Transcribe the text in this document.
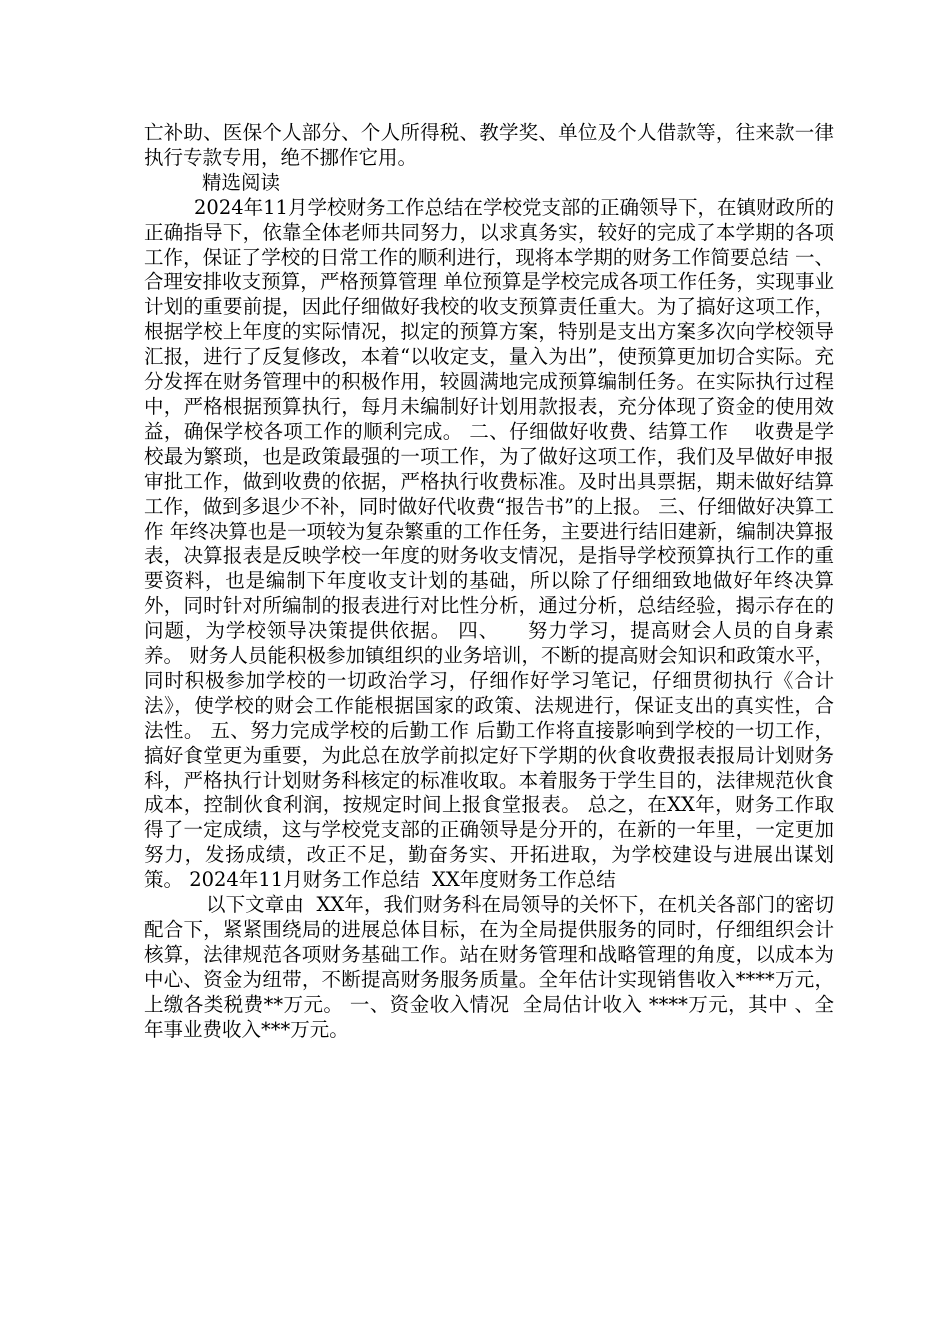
亡补助、医保个人部分、个人所得税、教学奖、单位及个人借款等，往来款一律执行专款专用，绝不挪作它用。

精选阅读

2024年11月学校财务工作总结在学校党支部的正确领导下，在镇财政所的正确指导下，依靠全体老师共同努力，以求真务实，较好的完成了本学期的各项工作，保证了学校的日常工作的顺利进行，现将本学期的财务工作简要总结 一、合理安排收支预算，严格预算管理 单位预算是学校完成各项工作任务，实现事业计划的重要前提，因此仔细做好我校的收支预算责任重大。为了搞好这项工作，根据学校上年度的实际情况，拟定的预算方案，特别是支出方案多次向学校领导汇报，进行了反复修改，本着“以收定支，量入为出”，使预算更加切合实际。充分发挥在财务管理中的积极作用，较圆满地完成预算编制任务。在实际执行过程中，严格根据预算执行，每月未编制好计划用款报表，充分体现了资金的使用效益，确保学校各项工作的顺利完成。 二、仔细做好收费、结算工作    收费是学校最为繁琐，也是政策最强的一项工作，为了做好这项工作，我们及早做好申报审批工作，做到收费的依据，严格执行收费标准。及时出具票据，期未做好结算工作，做到多退少不补，同时做好代收费“报告书”的上报。 三、仔细做好决算工作 年终决算也是一项较为复杂繁重的工作任务，主要进行结旧建新，编制决算报表，决算报表是反映学校一年度的财务收支情况，是指导学校预算执行工作的重要资料，也是编制下年度收支计划的基础，所以除了仔细细致地做好年终决算外，同时针对所编制的报表进行对比性分析，通过分析，总结经验，揭示存在的问题，为学校领导决策提供依据。 四、    努力学习，提高财会人员的自身素养。 财务人员能积极参加镇组织的业务培训，不断的提高财会知识和政策水平，同时积极参加学校的一切政治学习，仔细作好学习笔记，仔细贯彻执行《合计法》，使学校的财会工作能根据国家的政策、法规进行，保证支出的真实性，合法性。 五、努力完成学校的后勤工作 后勤工作将直接影响到学校的一切工作，搞好食堂更为重要，为此总在放学前拟定好下学期的伙食收费报表报局计划财务科，严格执行计划财务科核定的标准收取。本着服务于学生目的，法律规范伙食成本，控制伙食利润，按规定时间上报食堂报表。 总之，在XX年，财务工作取得了一定成绩，这与学校党支部的正确领导是分开的，在新的一年里，一定更加努力，发扬成绩，改正不足，勤奋务实、开拓进取，为学校建设与进展出谋划策。 2024年11月财务工作总结  XX年度财务工作总结

以下文章由  XX年，我们财务科在局领导的关怀下，在机关各部门的密切配合下，紧紧围绕局的进展总体目标，在为全局提供服务的同时，仔细组织会计核算，法律规范各项财务基础工作。站在财务管理和战略管理的角度，以成本为中心、资金为纽带，不断提高财务服务质量。全年估计实现销售收入****万元，上缴各类税费**万元。 一、资金收入情况  全局估计收入 ****万元，其中 、全年事业费收入***万元。
